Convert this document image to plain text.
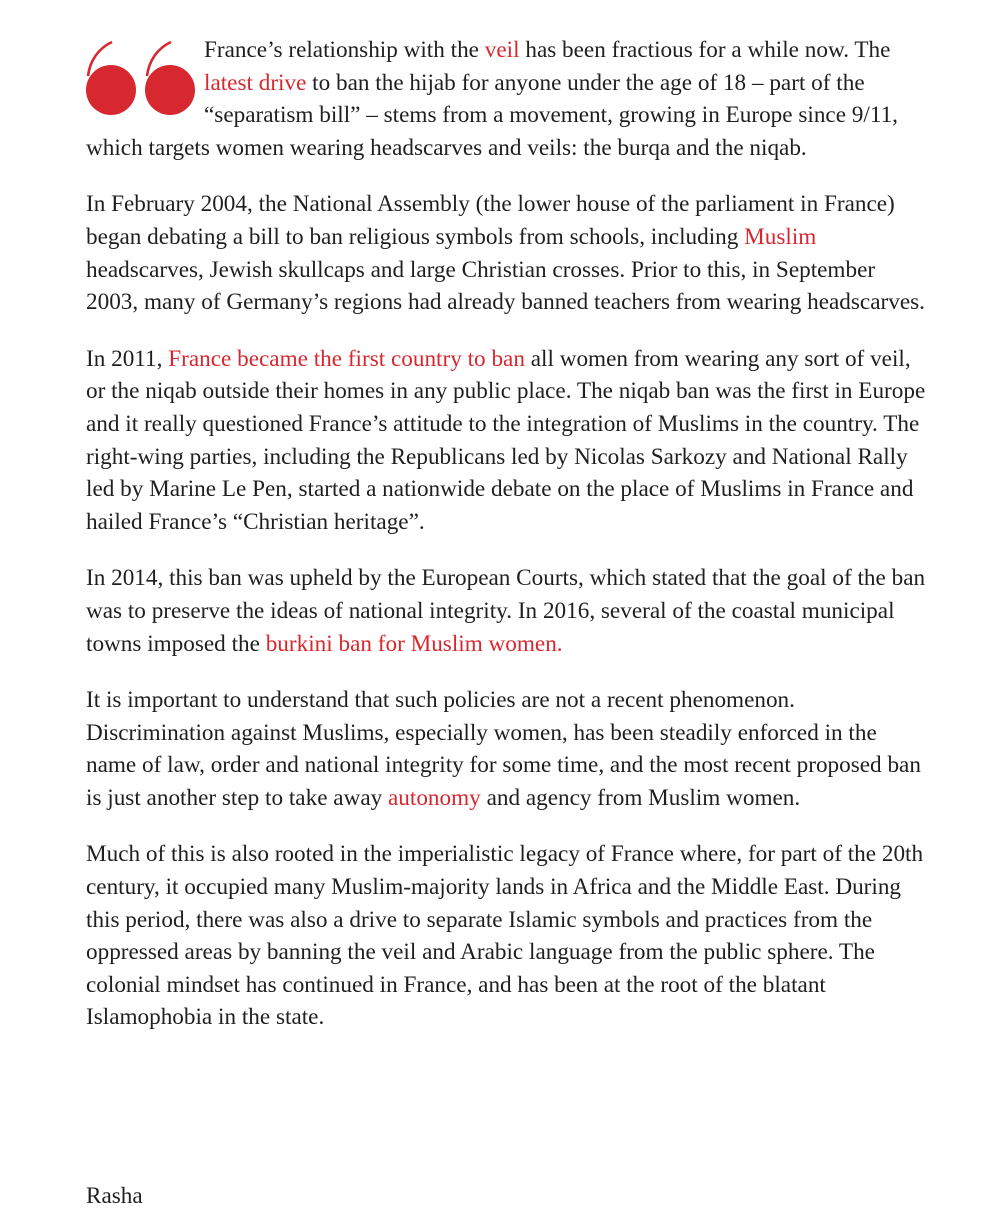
France’s relationship with the veil has been fractious for a while now. The latest drive to ban the hijab for anyone under the age of 18 – part of the “separatism bill” – stems from a movement, growing in Europe since 9/11, which targets women wearing headscarves and veils: the burqa and the niqab.

In February 2004, the National Assembly (the lower house of the parliament in France) began debating a bill to ban religious symbols from schools, including Muslim headscarves, Jewish skullcaps and large Christian crosses. Prior to this, in September 2003, many of Germany’s regions had already banned teachers from wearing headscarves.

In 2011, France became the first country to ban all women from wearing any sort of veil, or the niqab outside their homes in any public place. The niqab ban was the first in Europe and it really questioned France’s attitude to the integration of Muslims in the country. The right-wing parties, including the Republicans led by Nicolas Sarkozy and National Rally led by Marine Le Pen, started a nationwide debate on the place of Muslims in France and hailed France’s “Christian heritage”.

In 2014, this ban was upheld by the European Courts, which stated that the goal of the ban was to preserve the ideas of national integrity. In 2016, several of the coastal municipal towns imposed the burkini ban for Muslim women.

It is important to understand that such policies are not a recent phenomenon. Discrimination against Muslims, especially women, has been steadily enforced in the name of law, order and national integrity for some time, and the most recent proposed ban is just another step to take away autonomy and agency from Muslim women.

Much of this is also rooted in the imperialistic legacy of France where, for part of the 20th century, it occupied many Muslim-majority lands in Africa and the Middle East. During this period, there was also a drive to separate Islamic symbols and practices from the oppressed areas by banning the veil and Arabic language from the public sphere. The colonial mindset has continued in France, and has been at the root of the blatant Islamophobia in the state.

Rasha
